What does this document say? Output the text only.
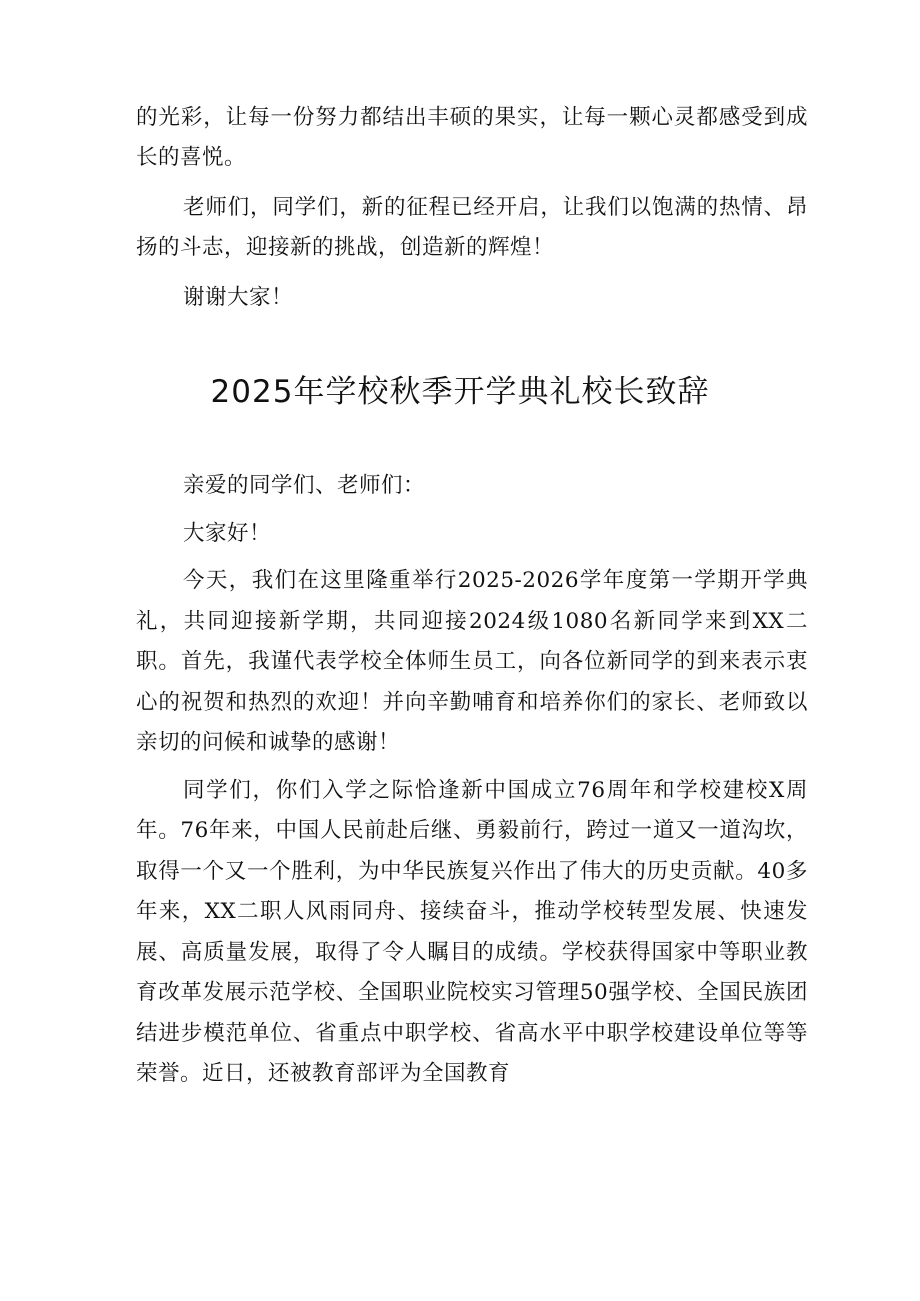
的光彩，让每一份努力都结出丰硕的果实，让每一颗心灵都感受到成长的喜悦。

老师们，同学们，新的征程已经开启，让我们以饱满的热情、昂扬的斗志，迎接新的挑战，创造新的辉煌！

谢谢大家！

2025年学校秋季开学典礼校长致辞

亲爱的同学们、老师们：

大家好！

今天，我们在这里隆重举行2025-2026学年度第一学期开学典礼，共同迎接新学期，共同迎接2024级1080名新同学来到XX二职。首先，我谨代表学校全体师生员工，向各位新同学的到来表示衷心的祝贺和热烈的欢迎！并向辛勤哺育和培养你们的家长、老师致以亲切的问候和诚挚的感谢！

同学们，你们入学之际恰逢新中国成立76周年和学校建校X周年。76年来，中国人民前赴后继、勇毅前行，跨过一道又一道沟坎，取得一个又一个胜利，为中华民族复兴作出了伟大的历史贡献。40多年来，XX二职人风雨同舟、接续奋斗，推动学校转型发展、快速发展、高质量发展，取得了令人瞩目的成绩。学校获得国家中等职业教育改革发展示范学校、全国职业院校实习管理50强学校、全国民族团结进步模范单位、省重点中职学校、省高水平中职学校建设单位等等荣誉。近日，还被教育部评为全国教育
